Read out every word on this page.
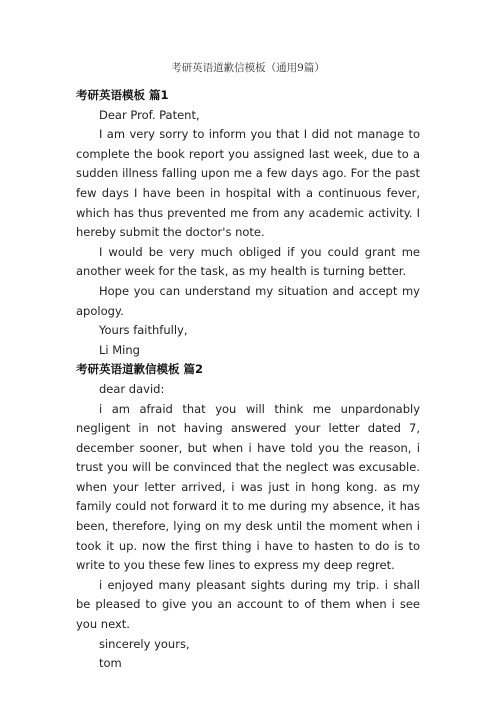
考研英语道歉信模板（通用9篇）

考研英语模板 篇1

Dear Prof. Patent,

I am very sorry to inform you that I did not manage to complete the book report you assigned last week, due to a sudden illness falling upon me a few days ago. For the past few days I have been in hospital with a continuous fever, which has thus prevented me from any academic activity. I hereby submit the doctor's note.

I would be very much obliged if you could grant me another week for the task, as my health is turning better.

Hope you can understand my situation and accept my apology.

Yours faithfully,

Li Ming

考研英语道歉信模板 篇2

dear david:

i am afraid that you will think me unpardonably negligent in not having answered your letter dated 7, december sooner, but when i have told you the reason, i trust you will be convinced that the neglect was excusable. when your letter arrived, i was just in hong kong. as my family could not forward it to me during my absence, it has been, therefore, lying on my desk until the moment when i took it up. now the first thing i have to hasten to do is to write to you these few lines to express my deep regret.

i enjoyed many pleasant sights during my trip. i shall be pleased to give you an account to of them when i see you next.

sincerely yours,

tom
